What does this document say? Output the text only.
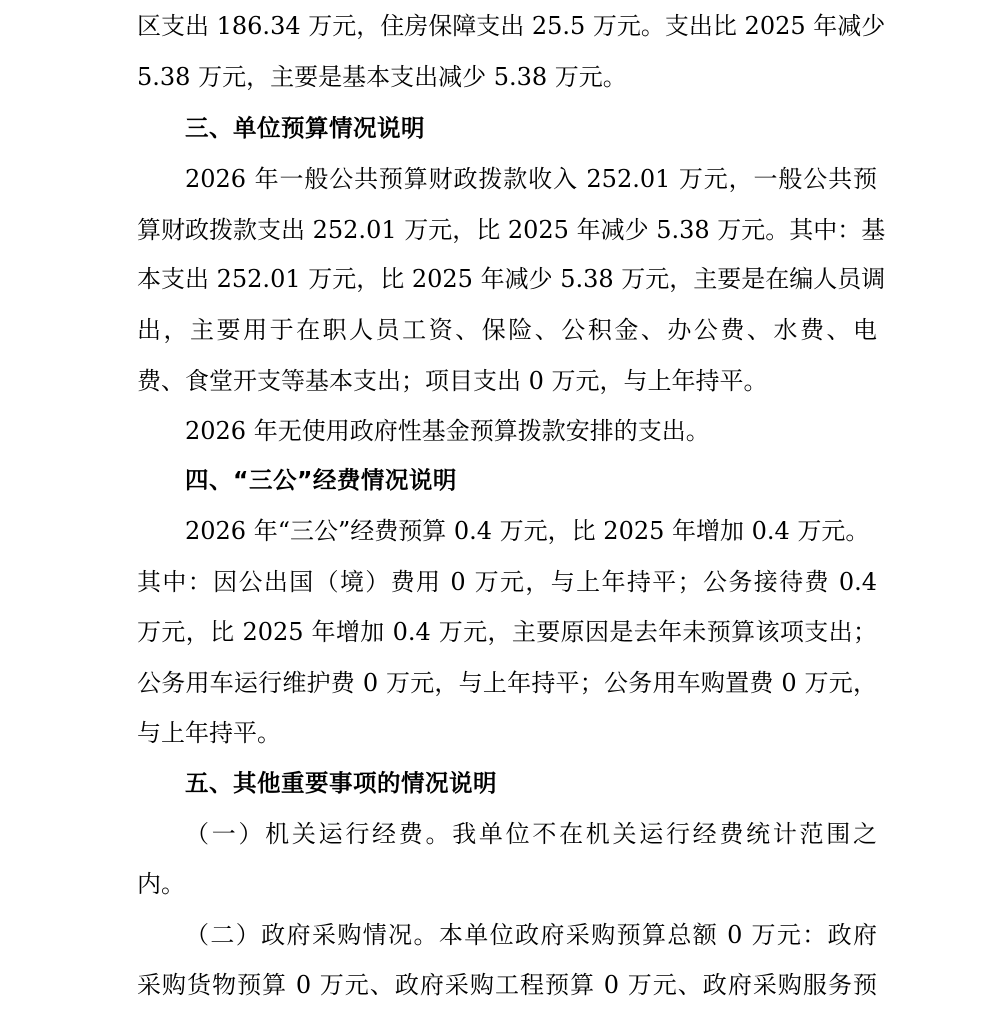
区支出 186.34 万元，住房保障支出 25.5 万元。支出比 2025 年减少
5.38 万元，主要是基本支出减少 5.38 万元。
三、单位预算情况说明
2026 年一般公共预算财政拨款收入 252.01 万元，一般公共预
算财政拨款支出 252.01 万元，比 2025 年减少 5.38 万元。其中：基
本支出 252.01 万元，比 2025 年减少 5.38 万元，主要是在编人员调
出，主要用于在职人员工资、保险、公积金、办公费、水费、电
费、食堂开支等基本支出；项目支出 0 万元，与上年持平。
2026 年无使用政府性基金预算拨款安排的支出。
四、“三公”经费情况说明
2026 年“三公”经费预算 0.4 万元，比 2025 年增加 0.4 万元。
其中：因公出国（境）费用 0 万元，与上年持平；公务接待费 0.4
万元，比 2025 年增加 0.4 万元，主要原因是去年未预算该项支出；
公务用车运行维护费 0 万元，与上年持平；公务用车购置费 0 万元，
与上年持平。
五、其他重要事项的情况说明
（一）机关运行经费。我单位不在机关运行经费统计范围之
内。
（二）政府采购情况。本单位政府采购预算总额 0 万元：政府
采购货物预算 0 万元、政府采购工程预算 0 万元、政府采购服务预
